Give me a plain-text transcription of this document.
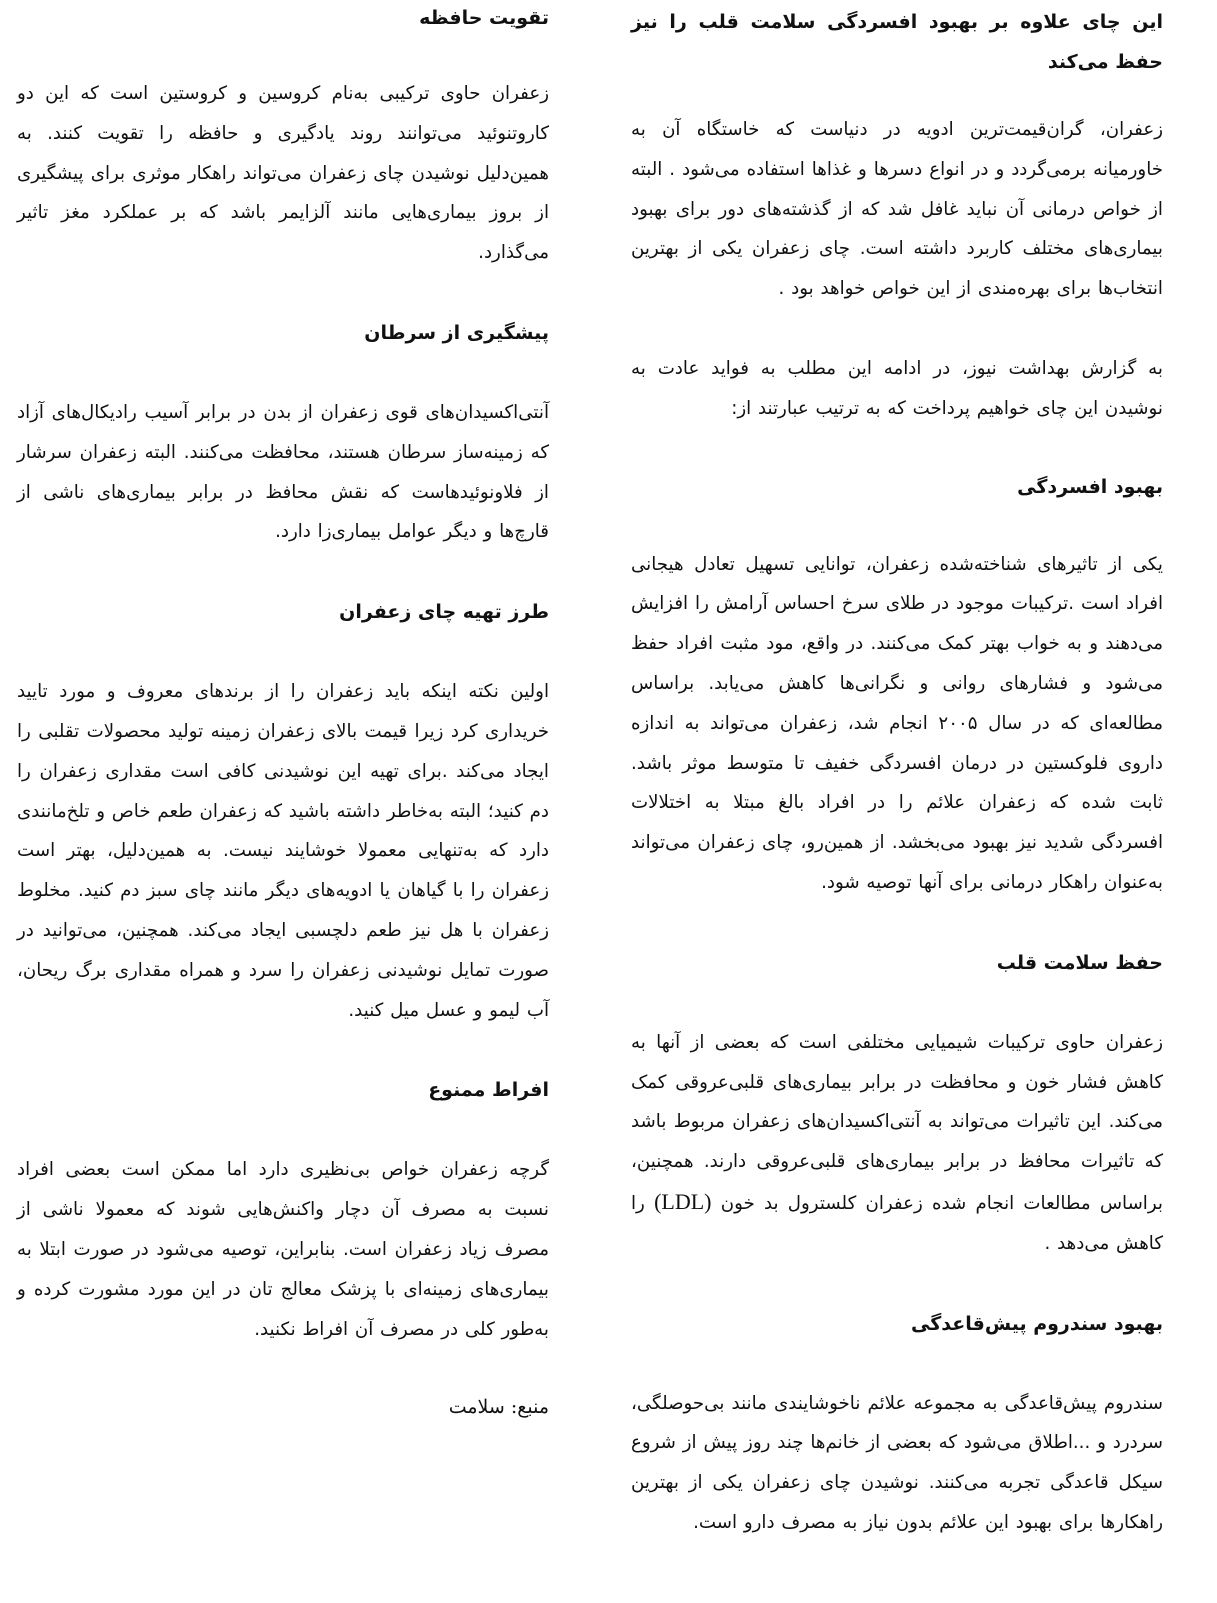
این چای علاوه بر بهبود افسردگی سلامت قلب را نیز حفظ می‌کند

زعفران، گران‌قیمت‌ترین ادویه در دنیاست که خاستگاه آن به خاورمیانه برمی‌گردد و در انواع دسرها و غذاها استفاده می‌شود . البته از خواص درمانی آن نباید غافل شد که از گذشته‌های دور برای بهبود بیماری‌های مختلف کاربرد داشته است. چای زعفران یکی از بهترین انتخاب‌ها برای بهره‌مندی از این خواص خواهد بود .

به گزارش بهداشت نیوز، در ادامه این مطلب به فواید عادت به نوشیدن این چای خواهیم پرداخت که به ترتیب عبارتند از:

بهبود افسردگی

یکی از تاثیرهای شناخته‌شده زعفران، توانایی تسهیل تعادل هیجانی افراد است .ترکیبات موجود در طلای سرخ احساس آرامش را افزایش می‌دهند و به خواب بهتر کمک می‌کنند. در واقع، مود مثبت افراد حفظ می‌شود و فشارهای روانی و نگرانی‌ها کاهش می‌یابد. براساس مطالعه‌ای که در سال ۲۰۰۵ انجام شد، زعفران می‌تواند به اندازه داروی فلوکستین در درمان افسردگی خفیف تا متوسط موثر باشد. ثابت شده که زعفران علائم را در افراد بالغ مبتلا به اختلالات افسردگی شدید نیز بهبود می‌بخشد. از همین‌رو، چای زعفران می‌تواند به‌عنوان راهکار درمانی برای آنها توصیه شود.

حفظ سلامت قلب

زعفران حاوی ترکیبات شیمیایی مختلفی است که بعضی از آنها به کاهش فشار خون و محافظت در برابر بیماری‌های قلبی‌عروقی کمک می‌کند. این تاثیرات می‌تواند به آنتی‌اکسیدان‌های زعفران مربوط باشد که تاثیرات محافظ در برابر بیماری‌های قلبی‌عروقی دارند. همچنین، براساس مطالعات انجام شده زعفران کلسترول بد خون (LDL) را کاهش می‌دهد .

بهبود سندروم پیش‌قاعدگی

سندروم پیش‌قاعدگی به مجموعه علائم ناخوشایندی مانند بی‌حوصلگی، سردرد و ...اطلاق می‌شود که بعضی از خانم‌ها چند روز پیش از شروع سیکل قاعدگی تجربه می‌کنند. نوشیدن چای زعفران یکی از بهترین راهکارها برای بهبود این علائم بدون نیاز به مصرف دارو است.

تقویت حافظه

زعفران حاوی ترکیبی به‌نام کروسین و کروستین است که این دو کاروتنوئید می‌توانند روند یادگیری و حافظه را تقویت کنند. به همین‌دلیل نوشیدن چای زعفران می‌تواند راهکار موثری برای پیشگیری از بروز بیماری‌هایی مانند آلزایمر باشد که بر عملکرد مغز تاثیر می‌گذارد.

پیشگیری از سرطان

آنتی‌اکسیدان‌های قوی زعفران از بدن در برابر آسیب رادیکال‌های آزاد که زمینه‌ساز سرطان هستند، محافظت می‌کنند. البته زعفران سرشار از فلاونوئیدهاست که نقش محافظ در برابر بیماری‌های ناشی از قارچ‌ها و دیگر عوامل بیماری‌زا دارد.

طرز تهیه چای زعفران

اولین نکته اینکه باید زعفران را از برندهای معروف و مورد تایید خریداری کرد زیرا قیمت بالای زعفران زمینه تولید محصولات تقلبی را ایجاد می‌کند .برای تهیه این نوشیدنی کافی است مقداری زعفران را دم کنید؛ البته به‌خاطر داشته باشید که زعفران طعم خاص و تلخ‌مانندی دارد که به‌تنهایی معمولا خوشایند نیست. به همین‌دلیل، بهتر است زعفران را با گیاهان یا ادویه‌های دیگر مانند چای سبز دم کنید. مخلوط زعفران با هل نیز طعم دلچسبی ایجاد می‌کند. همچنین، می‌توانید در صورت تمایل نوشیدنی زعفران را سرد و همراه مقداری برگ ریحان، آب لیمو و عسل میل کنید.

افراط ممنوع

گرچه زعفران خواص بی‌نظیری دارد اما ممکن است بعضی افراد نسبت به مصرف آن دچار واکنش‌هایی شوند که معمولا ناشی از مصرف زیاد زعفران است. بنابراین، توصیه می‌شود در صورت ابتلا به بیماری‌های زمینه‌ای با پزشک معالج تان در این مورد مشورت کرده و به‌طور کلی در مصرف آن افراط نکنید.

منبع: سلامت
